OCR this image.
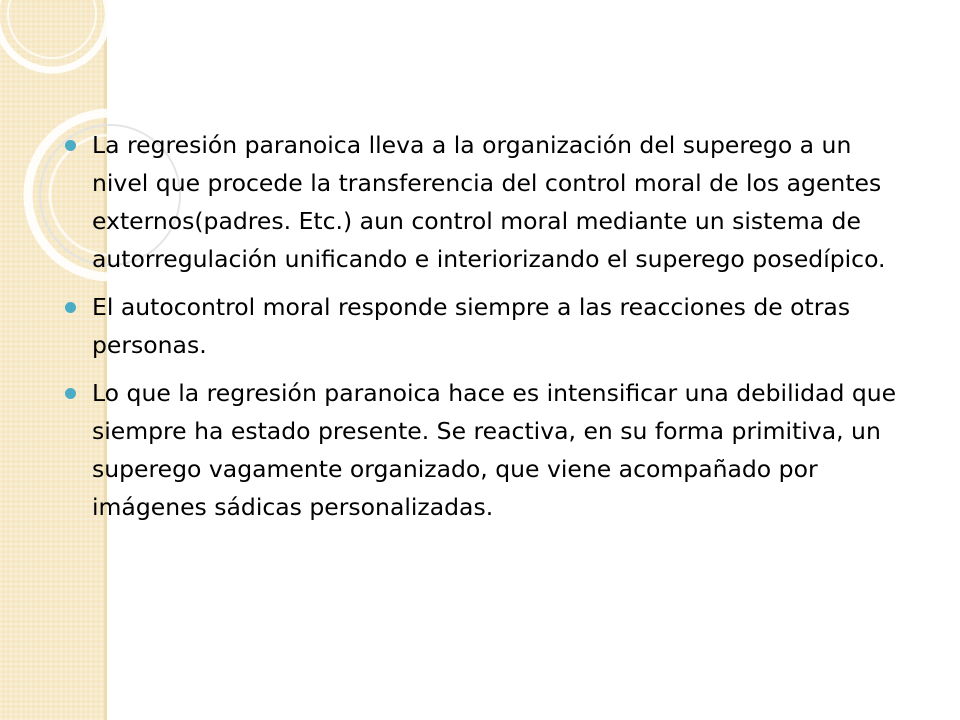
La regresión paranoica lleva a la organización del superego a un nivel que procede la transferencia del control moral de los agentes externos(padres. Etc.) aun control moral mediante un sistema de autorregulación unificando e interiorizando el superego posedípico.
El autocontrol moral responde siempre a las reacciones de otras personas.
Lo que la regresión paranoica hace es intensificar una debilidad que siempre ha estado presente. Se reactiva, en su forma primitiva, un superego vagamente organizado, que viene acompañado por imágenes sádicas personalizadas.
